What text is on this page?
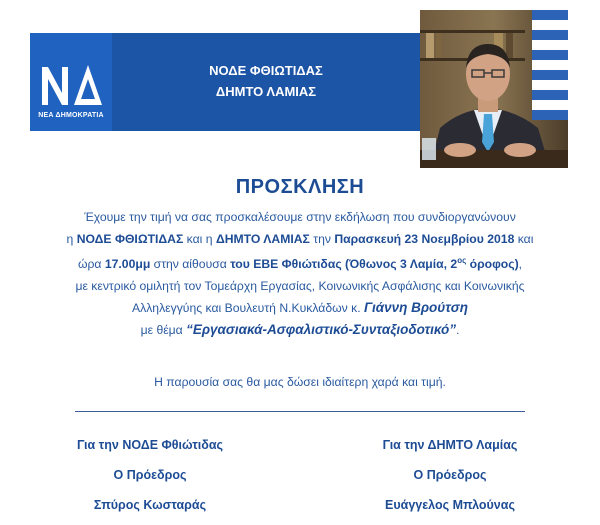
ΝΕΑ ΔΗΜΟΚΡΑΤΙΑ
ΝΟΔΕ ΦΘΙΩΤΙΔΑΣ
ΔΗΜΤΟ ΛΑΜΙΑΣ
ΠΡΟΣΚΛΗΣΗ
Έχουμε την τιμή να σας προσκαλέσουμε στην εκδήλωση που συνδιοργανώνουν
η ΝΟΔΕ ΦΘΙΩΤΙΔΑΣ και η ΔΗΜΤΟ ΛΑΜΙΑΣ την Παρασκευή 23 Νοεμβρίου 2018 και
ώρα 17.00μμ στην αίθουσα του ΕΒΕ Φθιώτιδας (Όθωνος 3 Λαμία, $2^{o\varsigma}$ όροφος),
με κεντρικό ομιλητή τον Τομεάρχη Εργασίας, Κοινωνικής Ασφάλισης και Κοινωνικής
Αλληλεγγύης και Βουλευτή Ν.Κυκλάδων κ. Γιάννη Βρούτση
με θέμα “Εργασιακά-Ασφαλιστικό-Συνταξιοδοτικό”.
Η παρουσία σας θα μας δώσει ιδιαίτερη χαρά και τιμή.
Για την ΝΟΔΕ Φθιώτιδας
Ο Πρόεδρος
Σπύρος Κωσταράς
Για την ΔΗΜΤΟ Λαμίας
Ο Πρόεδρος
Ευάγγελος Μπλούνας
